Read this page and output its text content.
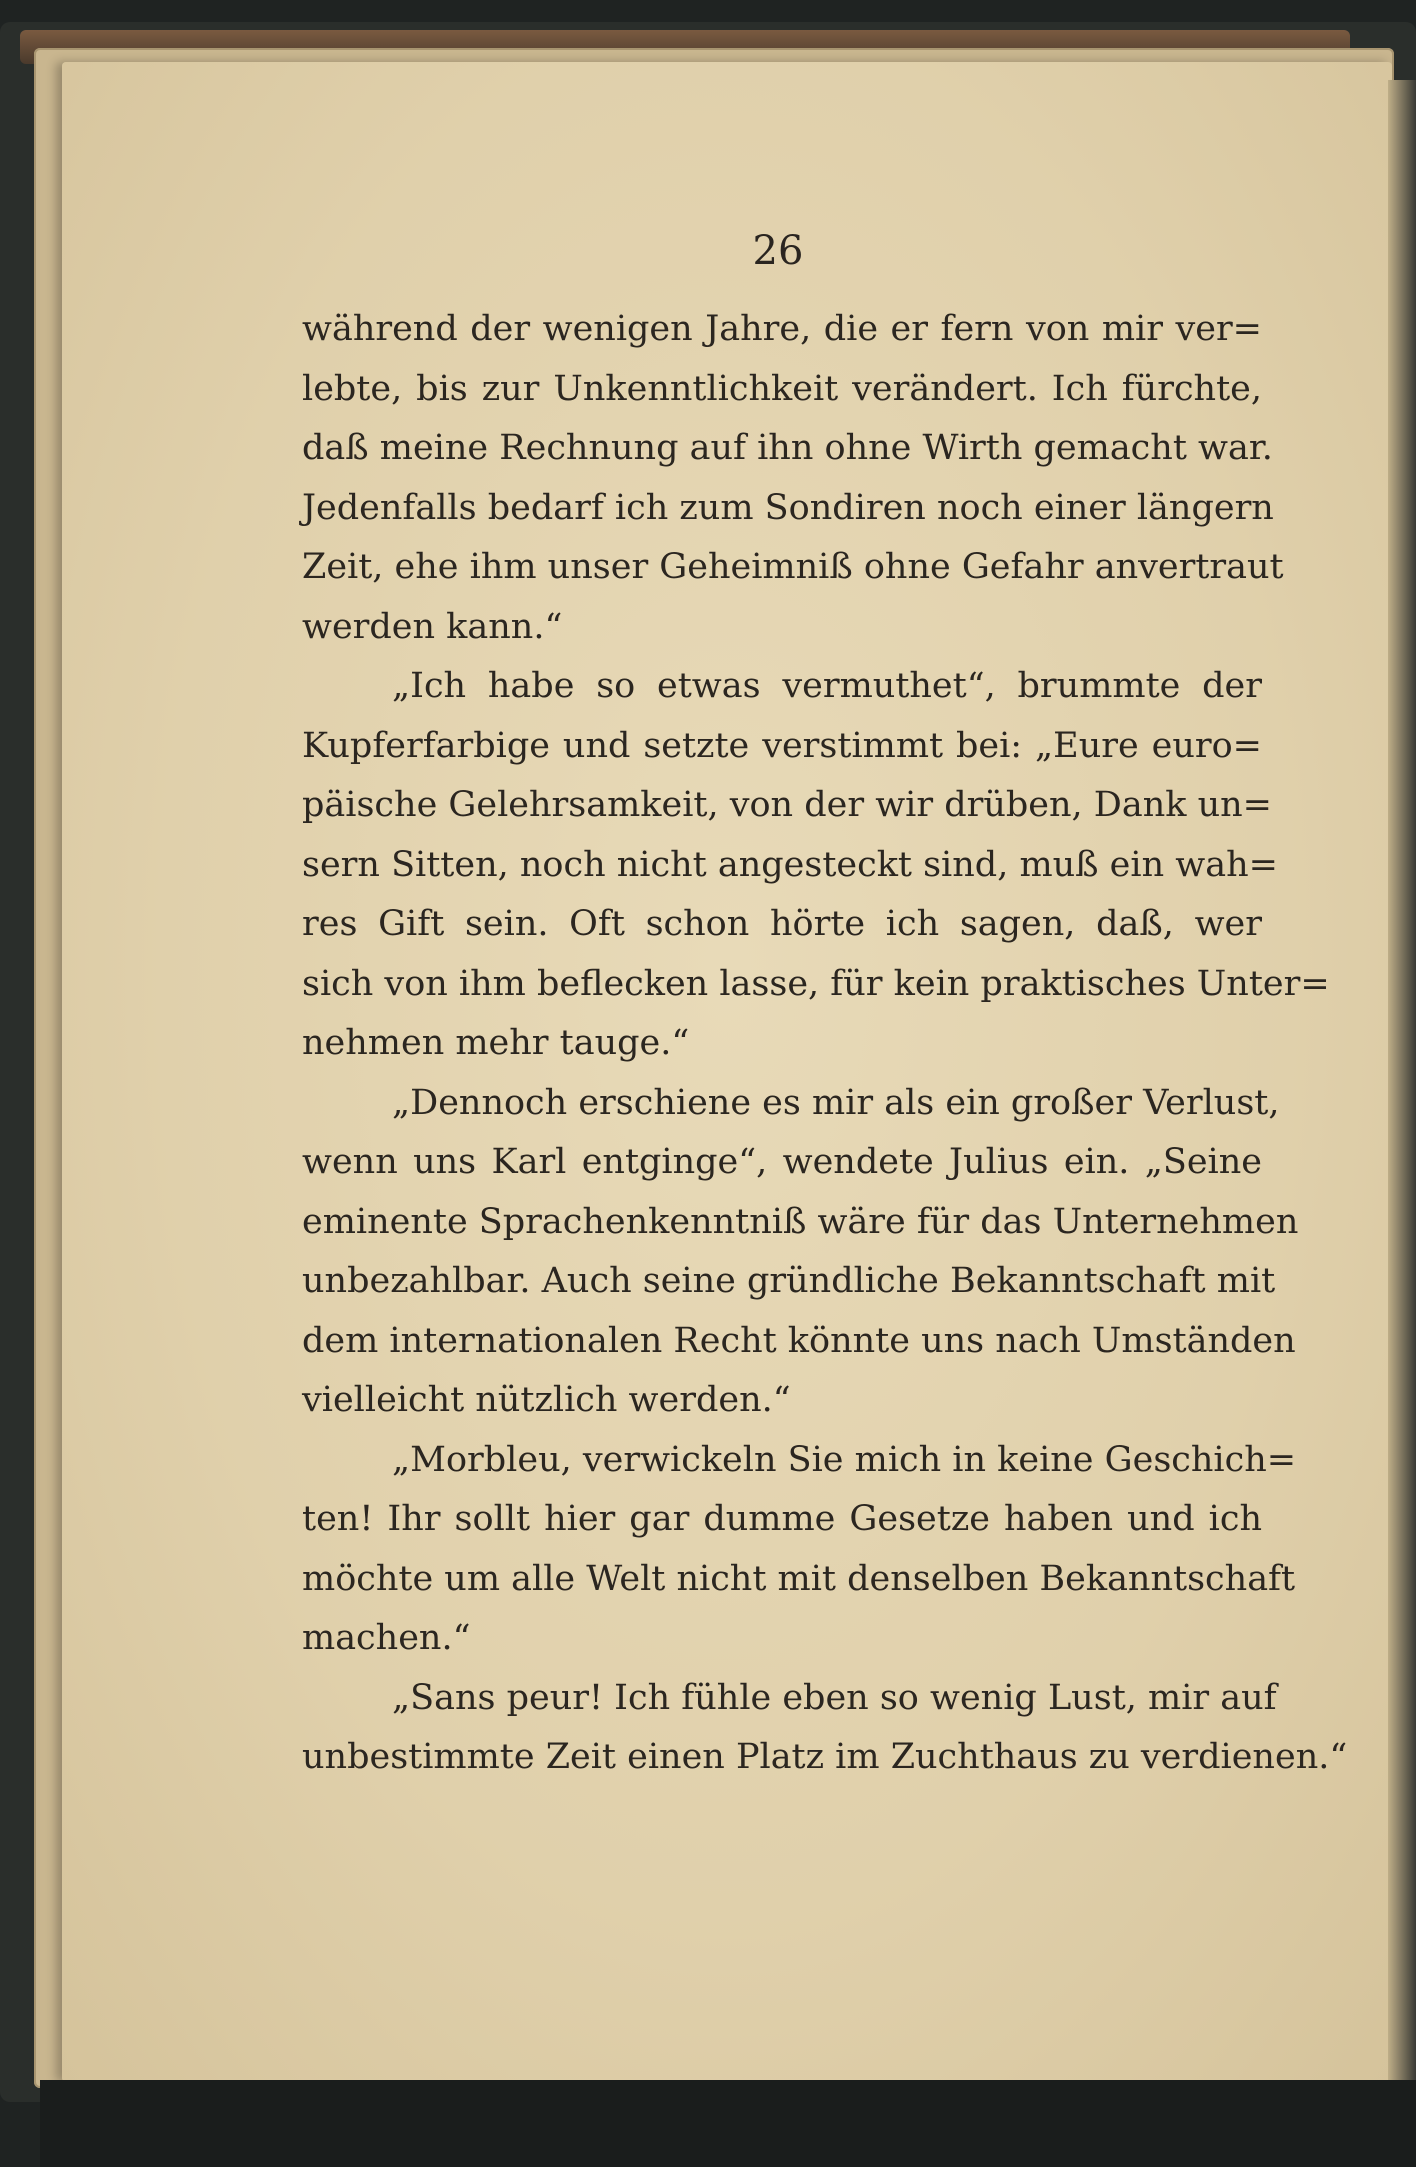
26
während der wenigen Jahre, die er fern von mir ver=
lebte, bis zur Unkenntlichkeit verändert. Ich fürchte,
daß meine Rechnung auf ihn ohne Wirth gemacht war.
Jedenfalls bedarf ich zum Sondiren noch einer längern
Zeit, ehe ihm unser Geheimniß ohne Gefahr anvertraut
werden kann.“
„Ich habe so etwas vermuthet“, brummte der
Kupferfarbige und setzte verstimmt bei: „Eure euro=
päische Gelehrsamkeit, von der wir drüben, Dank un=
sern Sitten, noch nicht angesteckt sind, muß ein wah=
res Gift sein. Oft schon hörte ich sagen, daß, wer
sich von ihm beflecken lasse, für kein praktisches Unter=
nehmen mehr tauge.“
„Dennoch erschiene es mir als ein großer Verlust,
wenn uns Karl entginge“, wendete Julius ein. „Seine
eminente Sprachenkenntniß wäre für das Unternehmen
unbezahlbar. Auch seine gründliche Bekanntschaft mit
dem internationalen Recht könnte uns nach Umständen
vielleicht nützlich werden.“
„Morbleu, verwickeln Sie mich in keine Geschich=
ten! Ihr sollt hier gar dumme Gesetze haben und ich
möchte um alle Welt nicht mit denselben Bekanntschaft
machen.“
„Sans peur! Ich fühle eben so wenig Lust, mir auf
unbestimmte Zeit einen Platz im Zuchthaus zu verdienen.“
